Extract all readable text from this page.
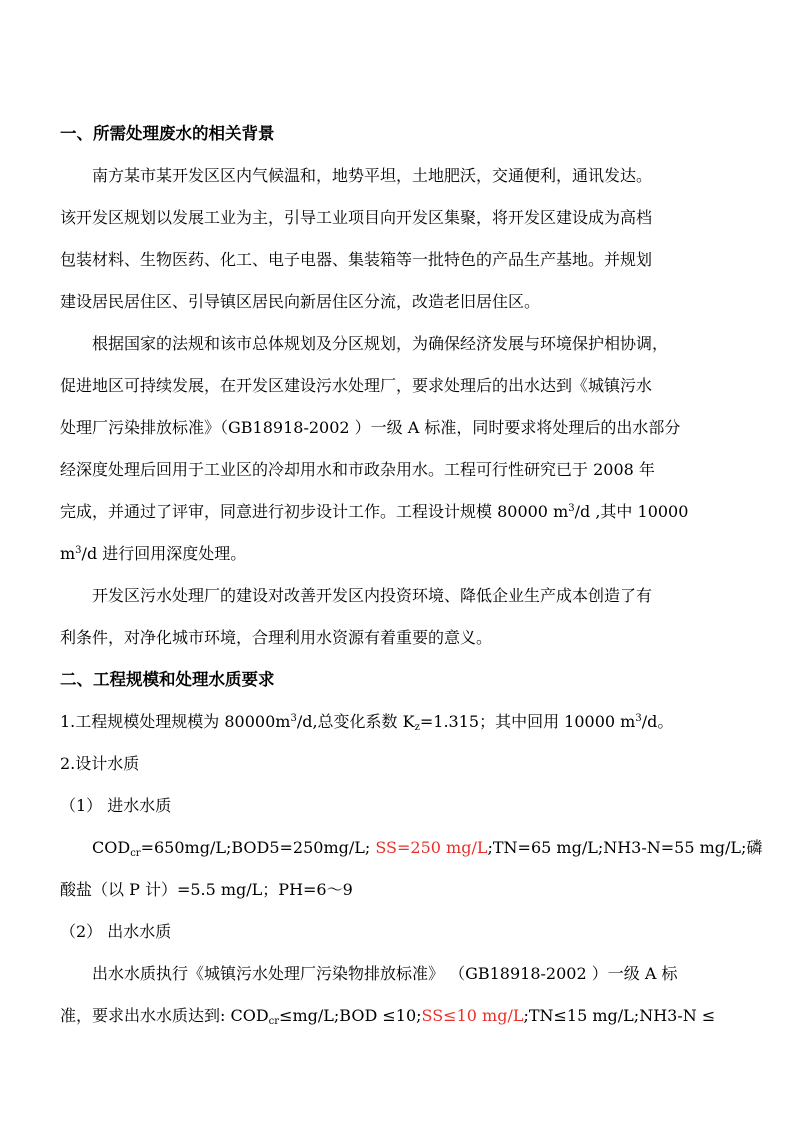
一、所需处理废水的相关背景
南方某市某开发区区内气候温和，地势平坦，土地肥沃，交通便利，通讯发达。
该开发区规划以发展工业为主，引导工业项目向开发区集聚，将开发区建设成为高档
包装材料、生物医药、化工、电子电器、集装箱等一批特色的产品生产基地。并规划
建设居民居住区、引导镇区居民向新居住区分流，改造老旧居住区。
根据国家的法规和该市总体规划及分区规划，为确保经济发展与环境保护相协调，
促进地区可持续发展，在开发区建设污水处理厂，要求处理后的出水达到《城镇污水
处理厂污染排放标准》（GB18918-2002 ）一级 A 标准，同时要求将处理后的出水部分
经深度处理后回用于工业区的冷却用水和市政杂用水。工程可行性研究已于 2008 年
完成，并通过了评审，同意进行初步设计工作。工程设计规模 80000 $m^3/d$ ,其中 10000
$m^3/d$ 进行回用深度处理。
开发区污水处理厂的建设对改善开发区内投资环境、降低企业生产成本创造了有
利条件，对净化城市环境，合理利用水资源有着重要的意义。
二、工程规模和处理水质要求
1.工程规模处理规模为 $80000m^3/d$,总变化系数 $K_z=1.315$；其中回用 10000 $m^3/d$。
2.设计水质
（1） 进水水质
$COD_{cr}=650mg/L;BOD5=250mg/L$; SS=250 mg/L;TN=65 mg/L;NH3-N=55 mg/L;磷
酸盐（以 P 计）=5.5 mg/L；PH=6～9
（2） 出水水质
出水水质执行《城镇污水处理厂污染物排放标准》 （GB18918-2002 ）一级 A 标
准，要求出水水质达到: $COD_{cr}\le mg/L;BOD$ ≤10;SS≤10 mg/L;TN≤15 mg/L;NH3-N ≤
